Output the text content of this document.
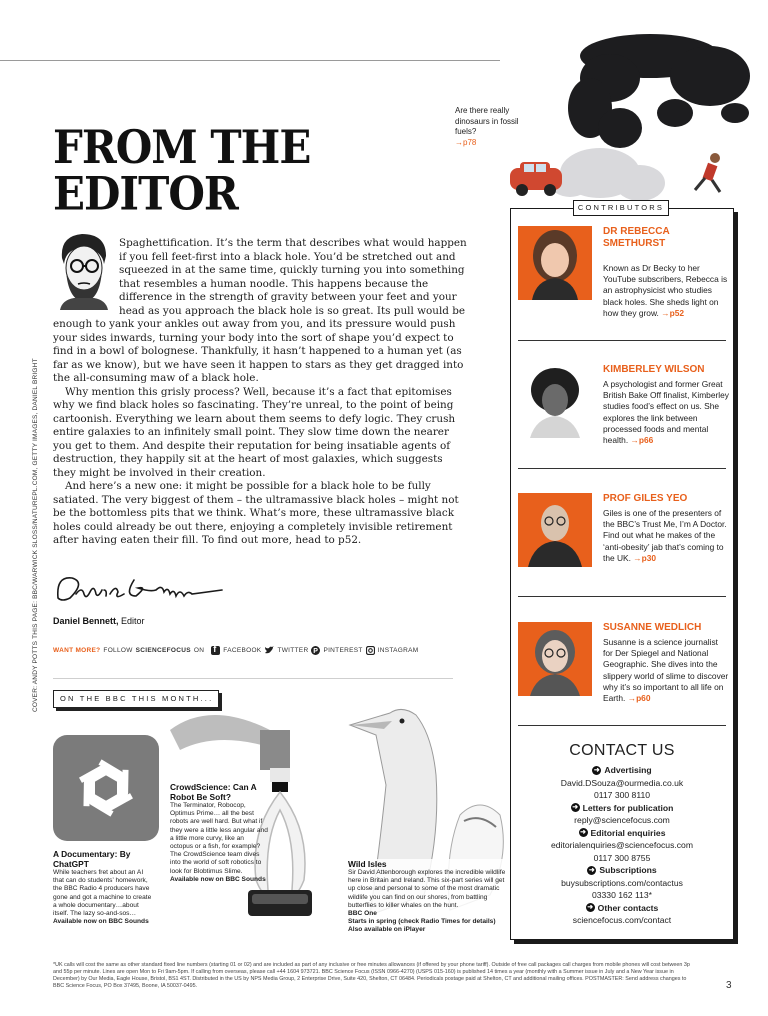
Are there really dinosaurs in fossil fuels?
→p78
FROM THE
EDITOR
COVER: ANDY POTTS THIS PAGE: BBC/WARWICK SLOSS/NATUREPL.COM, GETTY IMAGES, DANIEL BRIGHT

Spaghettification. It’s the term that describes what would happen if you fell feet-first into a black hole. You’d be stretched out and squeezed in at the same time, quickly turning you into something that resembles a human noodle. This happens because the difference in the strength of gravity between your feet and your head as you approach the black hole is so great. Its pull would be enough to yank your ankles out away from you, and its pressure would push your sides inwards, turning your body into the sort of shape you’d expect to find in a bowl of bolognese. Thankfully, it hasn’t happened to a human yet (as far as we know), but we have seen it happen to stars as they get dragged into the all-consuming maw of a black hole.

Why mention this grisly process? Well, because it’s a fact that epitomises why we find black holes so fascinating. They’re unreal, to the point of being cartoonish. Everything we learn about them seems to defy logic. They crush entire galaxies to an infinitely small point. They slow time down the nearer you get to them. And despite their reputation for being insatiable agents of destruction, they happily sit at the heart of most galaxies, which suggests they might be involved in their creation.

And here’s a new one: it might be possible for a black hole to be fully satiated. The very biggest of them – the ultramassive black holes – might not be the bottomless pits that we think. What’s more, these ultramassive black holes could already be out there, enjoying a completely invisible retirement after having eaten their fill. To find out more, head to p52.

Daniel Bennett, Editor
WANT MORE? FOLLOW SCIENCEFOCUS ON
f	FACEBOOK TWITTER P PINTEREST INSTAGRAM
ON THE BBC THIS MONTH...
A Documentary: By ChatGPT
While teachers fret about an AI that can do students’ homework, the BBC Radio 4 producers have gone and got a machine to create a whole documentary…about itself. The lazy so-and-sos…
Available now on BBC Sounds
CrowdScience: Can A Robot Be Soft?
The Terminator, Robocop, Optimus Prime… all the best robots are well hard. But what if they were a little less angular and a little more curvy, like an octopus or a fish, for example? The CrowdScience team dives into the world of soft robotics to look for Blobtimus Slime.
Available now on BBC Sounds
Wild Isles
Sir David Attenborough explores the incredible wildlife here in Britain and Ireland. This six-part series will get up close and personal to some of the most dramatic wildlife you can find on our shores, from battling butterflies to killer whales on the hunt.
BBC One
Starts in spring (check Radio Times for details)
Also available on iPlayer
CONTRIBUTORS
DR REBECCA SMETHURST
Known as Dr Becky to her YouTube subscribers, Rebecca is an astrophysicist who studies black holes. She sheds light on how they grow. →p52
KIMBERLEY WILSON
A psychologist and former Great British Bake Off finalist, Kimberley studies food’s effect on us. She explores the link between processed foods and mental health. →p66
PROF GILES YEO
Giles is one of the presenters of the BBC’s Trust Me, I’m A Doctor. Find out what he makes of the ‘anti-obesity’ jab that’s coming to the UK. →p30
SUSANNE WEDLICH
Susanne is a science journalist for Der Spiegel and National Geographic. She dives into the slippery world of slime to discover why it’s so important to all life on Earth. →p60
CONTACT US
➜ Advertising
David.DSouza@ourmedia.co.uk
0117 300 8110
➜ Letters for publication
reply@sciencefocus.com
➜ Editorial enquiries
editorialenquiries@sciencefocus.com
0117 300 8755
➜ Subscriptions
buysubscriptions.com/contactus
03330 162 113*
➜ Other contacts
sciencefocus.com/contact
*UK calls will cost the same as other standard fixed line numbers (starting 01 or 02) and are included as part of any inclusive or free minutes allowances (if offered by your phone tariff). Outside of free call packages call charges from mobile phones will cost between 3p and 55p per minute. Lines are open Mon to Fri 9am-5pm. If calling from overseas, please call +44 1604 973721. BBC Science Focus (ISSN 0966-4270) (USPS 015-160) is published 14 times a year (monthly with a Summer issue in July and a New Year issue in December) by Our Media, Eagle House, Bristol, BS1 4ST. Distributed in the US by NPS Media Group, 2 Enterprise Drive, Suite 420, Shelton, CT 06484. Periodicals postage paid at Shelton, CT and additional mailing offices. POSTMASTER: Send address changes to BBC Science Focus, PO Box 37495, Boone, IA 50037-0495.	3
